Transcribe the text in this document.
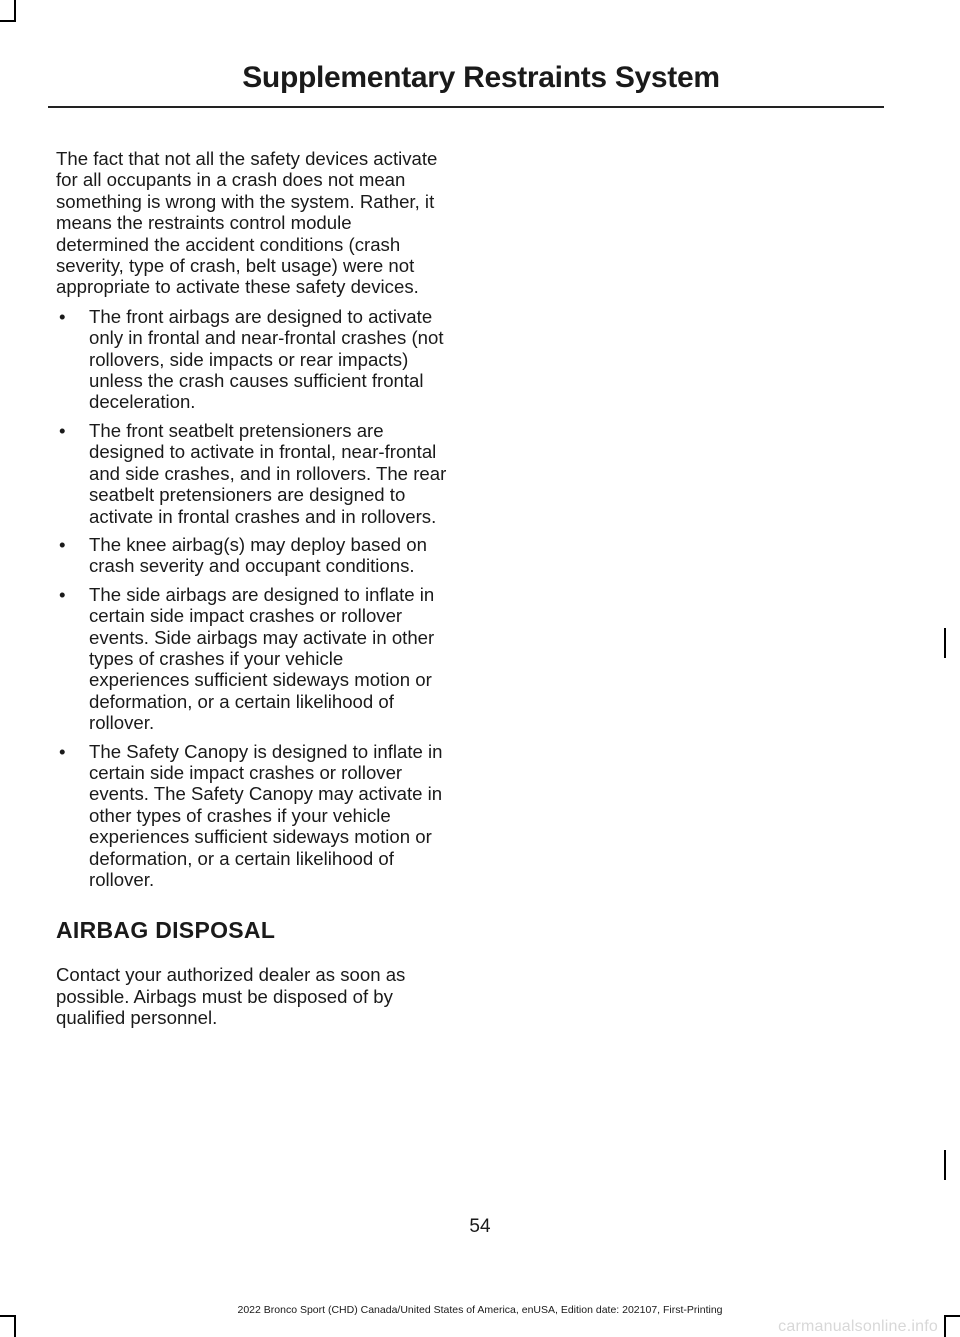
Supplementary Restraints System

The fact that not all the safety devices activate for all occupants in a crash does not mean something is wrong with the system. Rather, it means the restraints control module determined the accident conditions (crash severity, type of crash, belt usage) were not appropriate to activate these safety devices.

• The front airbags are designed to activate only in frontal and near-frontal crashes (not rollovers, side impacts or rear impacts) unless the crash causes sufficient frontal deceleration.
• The front seatbelt pretensioners are designed to activate in frontal, near-frontal and side crashes, and in rollovers. The rear seatbelt pretensioners are designed to activate in frontal crashes and in rollovers.
• The knee airbag(s) may deploy based on crash severity and occupant conditions.
• The side airbags are designed to inflate in certain side impact crashes or rollover events. Side airbags may activate in other types of crashes if your vehicle experiences sufficient sideways motion or deformation, or a certain likelihood of rollover.
• The Safety Canopy is designed to inflate in certain side impact crashes or rollover events. The Safety Canopy may activate in other types of crashes if your vehicle experiences sufficient sideways motion or deformation, or a certain likelihood of rollover.
AIRBAG DISPOSAL

Contact your authorized dealer as soon as possible. Airbags must be disposed of by qualified personnel.

54
2022 Bronco Sport (CHD) Canada/United States of America, enUSA, Edition date: 202107, First-Printing
carmanualsonline.info
